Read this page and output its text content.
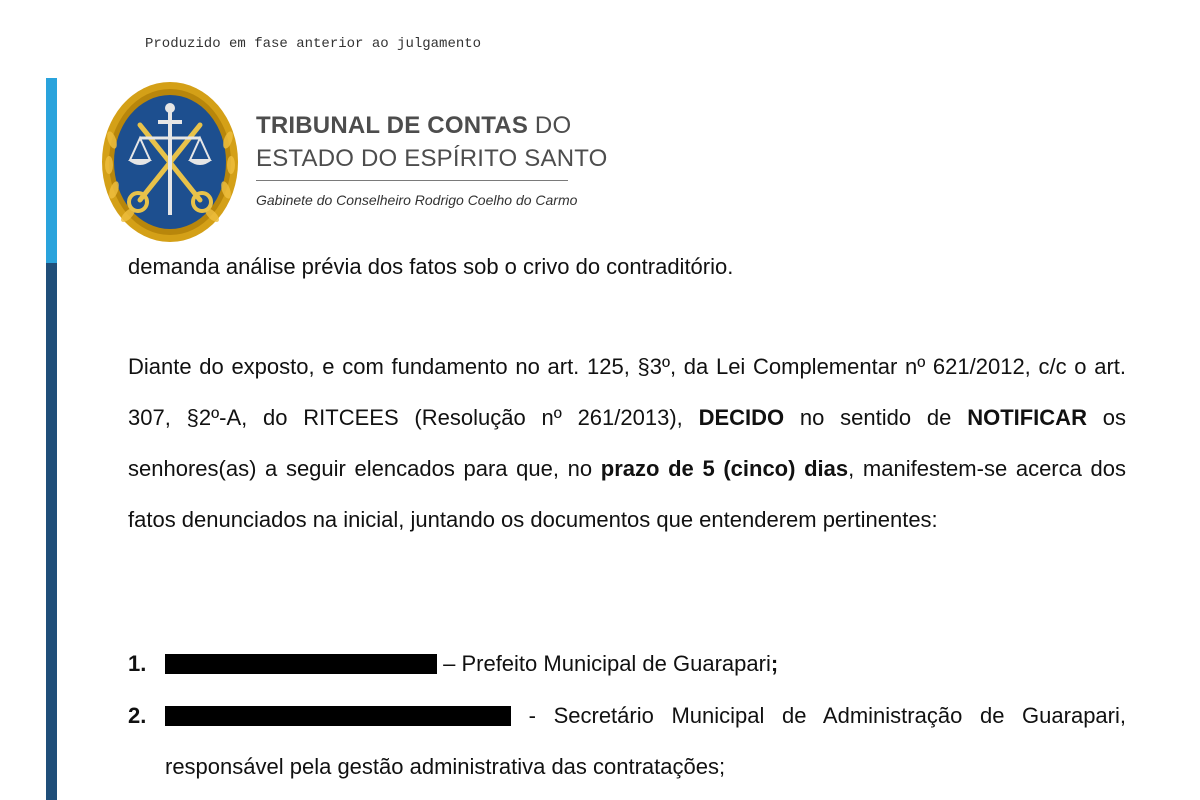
Produzido em fase anterior ao julgamento
TRIBUNAL DE CONTAS DO
ESTADO DO ESPÍRITO SANTO
Gabinete do Conselheiro Rodrigo Coelho do Carmo
demanda análise prévia dos fatos sob o crivo do contraditório.
Diante do exposto, e com fundamento no art. 125, §3º, da Lei Complementar nº 621/2012, c/c o art. 307, §2º-A, do RITCEES (Resolução nº 261/2013), DECIDO no sentido de NOTIFICAR os senhores(as) a seguir elencados para que, no prazo de 5 (cinco) dias, manifestem-se acerca dos fatos denunciados na inicial, juntando os documentos que entenderem pertinentes:
1.	– Prefeito Municipal de Guarapari;
2.	- Secretário Municipal de Administração de Guarapari, responsável pela gestão administrativa das contratações;
